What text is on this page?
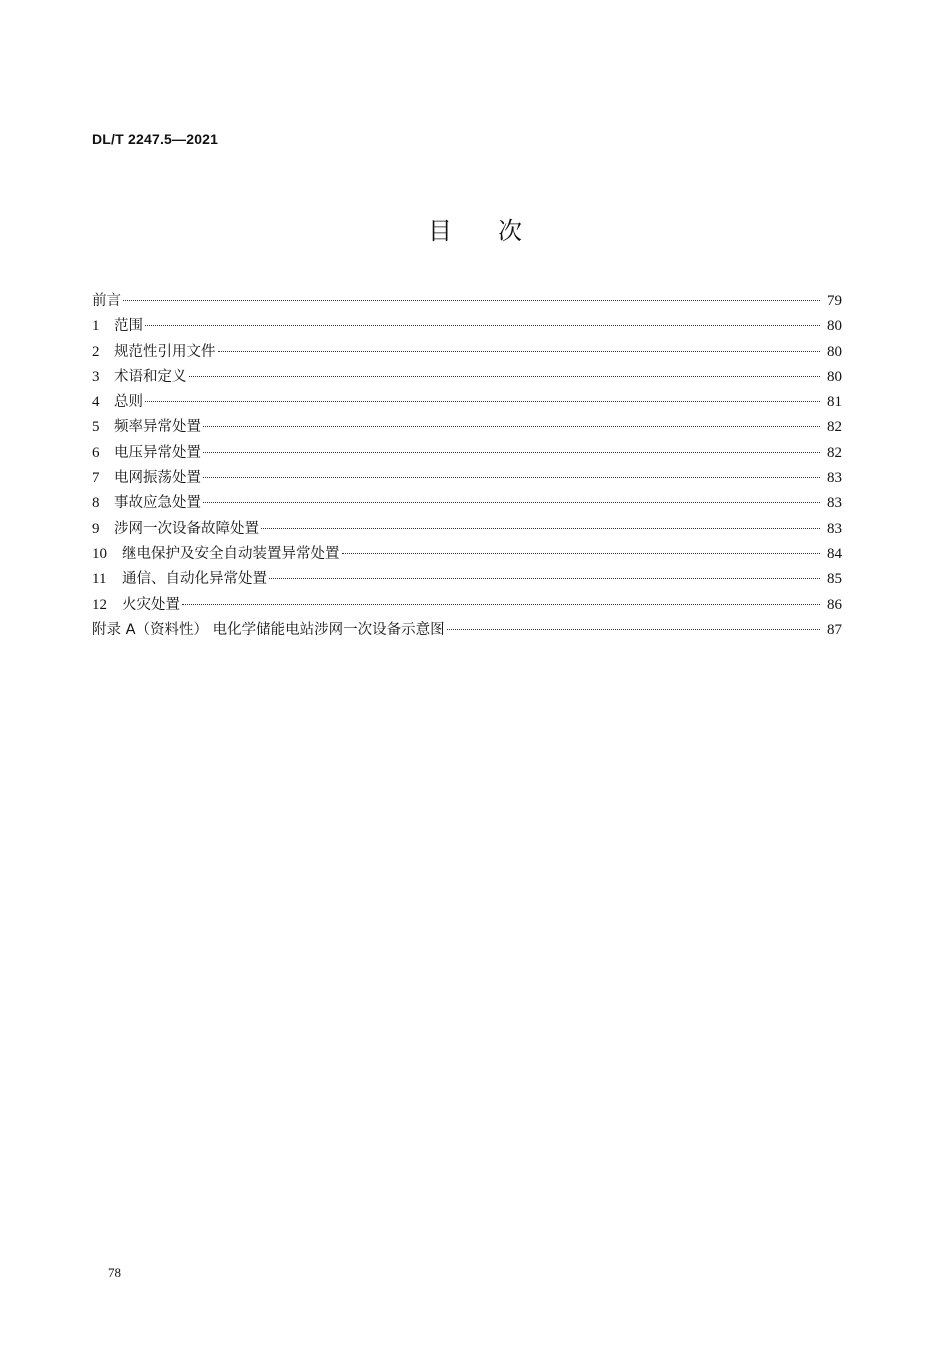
DL/T 2247.5—2021
目次
前言	79
1	范围	80
2	规范性引用文件	80
3	术语和定义	80
4	总则	81
5	频率异常处置	82
6	电压异常处置	82
7	电网振荡处置	83
8	事故应急处置	83
9	涉网一次设备故障处置	83
10	继电保护及安全自动装置异常处置	84
11	通信、自动化异常处置	85
12	火灾处置	86
附录 A（资料性） 电化学储能电站涉网一次设备示意图	87
78
